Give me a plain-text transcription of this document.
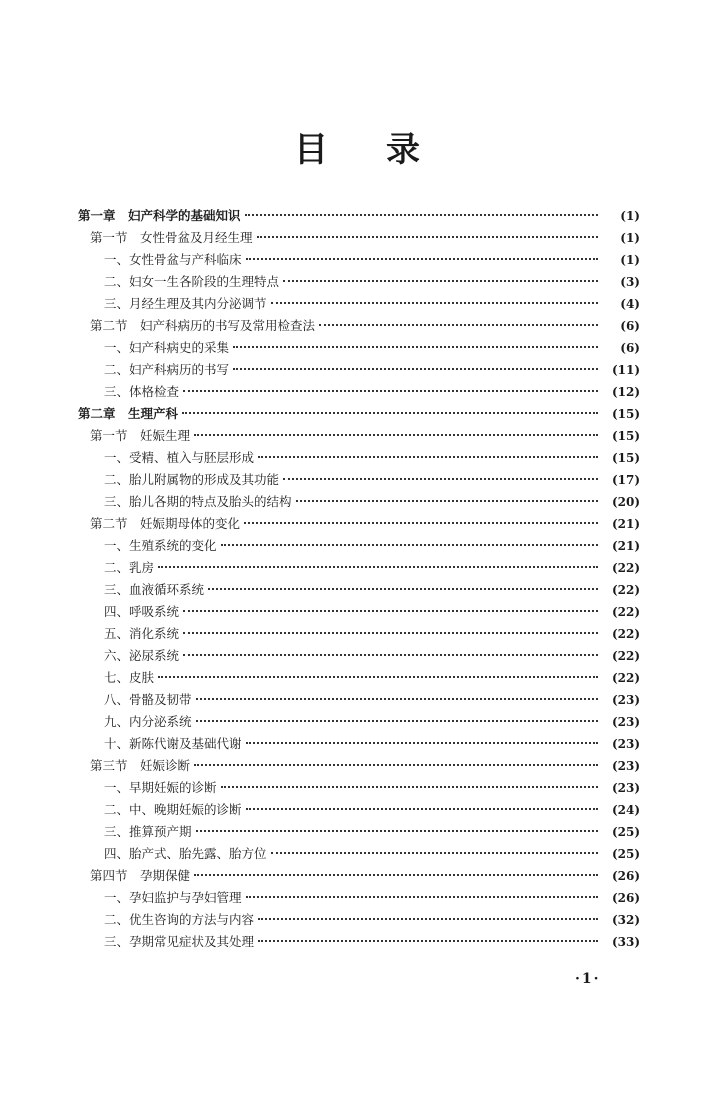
目录
第一章　妇产科学的基础知识	(1)
第一节　女性骨盆及月经生理	(1)
一、女性骨盆与产科临床	(1)
二、妇女一生各阶段的生理特点	(3)
三、月经生理及其内分泌调节	(4)
第二节　妇产科病历的书写及常用检查法	(6)
一、妇产科病史的采集	(6)
二、妇产科病历的书写	(11)
三、体格检查	(12)
第二章　生理产科	(15)
第一节　妊娠生理	(15)
一、受精、植入与胚层形成	(15)
二、胎儿附属物的形成及其功能	(17)
三、胎儿各期的特点及胎头的结构	(20)
第二节　妊娠期母体的变化	(21)
一、生殖系统的变化	(21)
二、乳房	(22)
三、血液循环系统	(22)
四、呼吸系统	(22)
五、消化系统	(22)
六、泌尿系统	(22)
七、皮肤	(22)
八、骨骼及韧带	(23)
九、内分泌系统	(23)
十、新陈代谢及基础代谢	(23)
第三节　妊娠诊断	(23)
一、早期妊娠的诊断	(23)
二、中、晚期妊娠的诊断	(24)
三、推算预产期	(25)
四、胎产式、胎先露、胎方位	(25)
第四节　孕期保健	(26)
一、孕妇监护与孕妇管理	(26)
二、优生咨询的方法与内容	(32)
三、孕期常见症状及其处理	(33)
·1·
